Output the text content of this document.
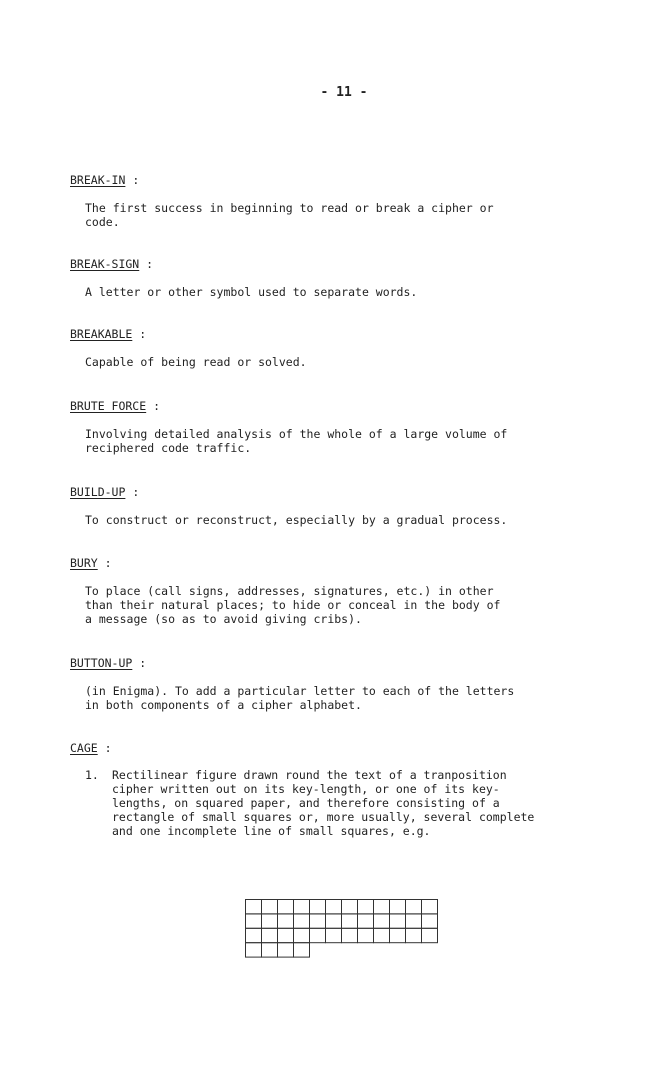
- 11 -
BREAK-IN :
The first success in beginning to read or break a cipher or
code.
BREAK-SIGN :
A letter or other symbol used to separate words.
BREAKABLE :
Capable of being read or solved.
BRUTE FORCE :
Involving detailed analysis of the whole of a large volume of
reciphered code traffic.
BUILD-UP :
To construct or reconstruct, especially by a gradual process.
BURY :
To place (call signs, addresses, signatures, etc.) in other
than their natural places; to hide or conceal in the body of
a message (so as to avoid giving cribs).
BUTTON-UP :
(in Enigma). To add a particular letter to each of the letters
in both components of a cipher alphabet.
CAGE :
1.	Rectilinear figure drawn round the text of a tranposition
cipher written out on its key-length, or one of its key-
lengths, on squared paper, and therefore consisting of a
rectangle of small squares or, more usually, several complete
and one incomplete line of small squares, e.g.
